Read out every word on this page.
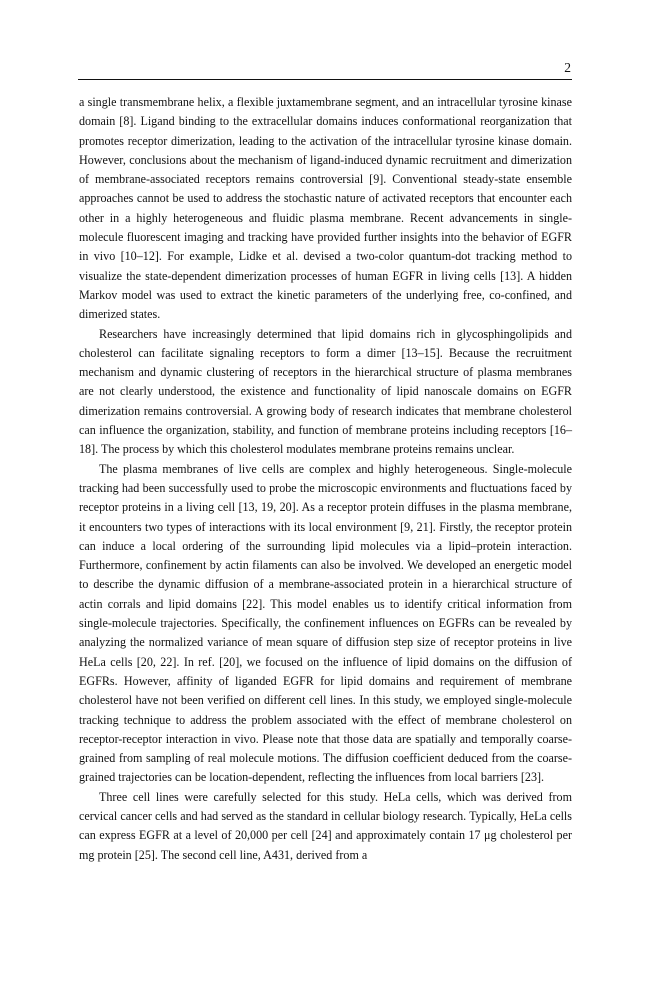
2

a single transmembrane helix, a flexible juxtamembrane segment, and an intracellular tyrosine kinase domain [8]. Ligand binding to the extracellular domains induces conformational reorganization that promotes receptor dimerization, leading to the activation of the intracellular tyrosine kinase domain. However, conclusions about the mechanism of ligand-induced dynamic recruitment and dimerization of membrane-associated receptors remains controversial [9]. Conventional steady-state ensemble approaches cannot be used to address the stochastic nature of activated receptors that encounter each other in a highly heterogeneous and fluidic plasma membrane. Recent advancements in single-molecule fluorescent imaging and tracking have provided further insights into the behavior of EGFR in vivo [10–12]. For example, Lidke et al. devised a two-color quantum-dot tracking method to visualize the state-dependent dimerization processes of human EGFR in living cells [13]. A hidden Markov model was used to extract the kinetic parameters of the underlying free, co-confined, and dimerized states.

Researchers have increasingly determined that lipid domains rich in glycosphingolipids and cholesterol can facilitate signaling receptors to form a dimer [13–15]. Because the recruitment mechanism and dynamic clustering of receptors in the hierarchical structure of plasma membranes are not clearly understood, the existence and functionality of lipid nanoscale domains on EGFR dimerization remains controversial. A growing body of research indicates that membrane cholesterol can influence the organization, stability, and function of membrane proteins including receptors [16–18]. The process by which this cholesterol modulates membrane proteins remains unclear.

The plasma membranes of live cells are complex and highly heterogeneous. Single-molecule tracking had been successfully used to probe the microscopic environments and fluctuations faced by receptor proteins in a living cell [13, 19, 20]. As a receptor protein diffuses in the plasma membrane, it encounters two types of interactions with its local environment [9, 21]. Firstly, the receptor protein can induce a local ordering of the surrounding lipid molecules via a lipid–protein interaction. Furthermore, confinement by actin filaments can also be involved. We developed an energetic model to describe the dynamic diffusion of a membrane-associated protein in a hierarchical structure of actin corrals and lipid domains [22]. This model enables us to identify critical information from single-molecule trajectories. Specifically, the confinement influences on EGFRs can be revealed by analyzing the normalized variance of mean square of diffusion step size of receptor proteins in live HeLa cells [20, 22]. In ref. [20], we focused on the influence of lipid domains on the diffusion of EGFRs. However, affinity of liganded EGFR for lipid domains and requirement of membrane cholesterol have not been verified on different cell lines. In this study, we employed single-molecule tracking technique to address the problem associated with the effect of membrane cholesterol on receptor-receptor interaction in vivo. Please note that those data are spatially and temporally coarse-grained from sampling of real molecule motions. The diffusion coefficient deduced from the coarse-grained trajectories can be location-dependent, reflecting the influences from local barriers [23].

Three cell lines were carefully selected for this study. HeLa cells, which was derived from cervical cancer cells and had served as the standard in cellular biology research. Typically, HeLa cells can express EGFR at a level of 20,000 per cell [24] and approximately contain 17 μg cholesterol per mg protein [25]. The second cell line, A431, derived from a
